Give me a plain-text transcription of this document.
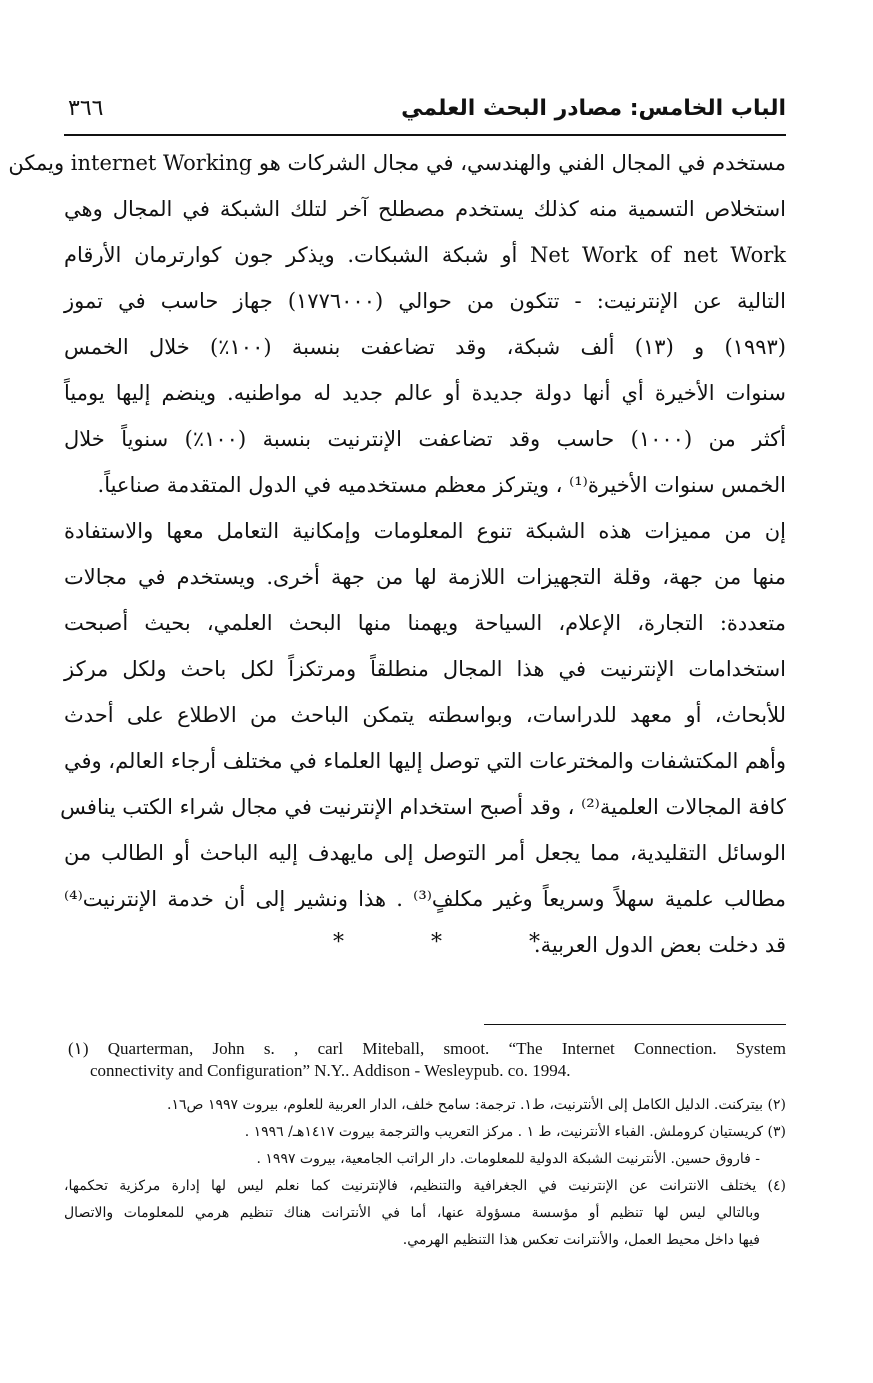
الباب الخامس: مصادر البحث العلمي
٣٦٦
مستخدم في المجال الفني والهندسي، في مجال الشركات هو internet Working ويمكن
استخلاص التسمية منه كذلك يستخدم مصطلح آخر لتلك الشبكة في المجال وهي
Net Work of net Work أو شبكة الشبكات. ويذكر جون كوارترمان الأرقام
التالية عن الإنترنيت: - تتكون من حوالي (١٧٧٦٠٠٠) جهاز حاسب في تموز
(١٩٩٣) و (١٣) ألف شبكة، وقد تضاعفت بنسبة (١٠٠٪) خلال الخمس
سنوات الأخيرة أي أنها دولة جديدة أو عالم جديد له مواطنيه. وينضم إليها يومياً
أكثر من (١٠٠٠) حاسب وقد تضاعفت الإنترنيت بنسبة (١٠٠٪) سنوياً خلال
الخمس سنوات الأخيرة⁽¹⁾ ، ويتركز معظم مستخدميه في الدول المتقدمة صناعياً.
إن من مميزات هذه الشبكة تنوع المعلومات وإمكانية التعامل معها والاستفادة
منها من جهة، وقلة التجهيزات اللازمة لها من جهة أخرى. ويستخدم في مجالات
متعددة: التجارة، الإعلام، السياحة ويهمنا منها البحث العلمي، بحيث أصبحت
استخدامات الإنترنيت في هذا المجال منطلقاً ومرتكزاً لكل باحث ولكل مركز
للأبحاث، أو معهد للدراسات، وبواسطته يتمكن الباحث من الاطلاع على أحدث
وأهم المكتشفات والمخترعات التي توصل إليها العلماء في مختلف أرجاء العالم، وفي
كافة المجالات العلمية⁽²⁾ ، وقد أصبح استخدام الإنترنيت في مجال شراء الكتب ينافس
الوسائل التقليدية، مما يجعل أمر التوصل إلى مايهدف إليه الباحث أو الطالب من
مطالب علمية سهلاً وسريعاً وغير مكلفٍ⁽³⁾ . هذا ونشير إلى أن خدمة الإنترنيت⁽⁴⁾
قد دخلت بعض الدول العربية.
* * *
(١) Quarterman, John s. , carl Miteball, smoot. “The Internet Connection. System
connectivity and Configuration” N.Y.. Addison - Wesleypub. co. 1994.
(٢) بيتركنت. الدليل الكامل إلى الأنترنيت، ط١. ترجمة: سامح خلف، الدار العربية للعلوم، بيروت ١٩٩٧ ص١٦.
(٣) كريستيان كروملش. الفباء الأنترنيت، ط ١ . مركز التعريب والترجمة بيروت ١٤١٧هـ/ ١٩٩٦ .
- فاروق حسين. الأنترنيت الشبكة الدولية للمعلومات. دار الراتب الجامعية، بيروت ١٩٩٧ .
(٤) يختلف الانترانت عن الإنترنيت في الجغرافية والتنظيم، فالإنترنيت كما نعلم ليس لها إدارة مركزية تحكمها،
وبالتالي ليس لها تنظيم أو مؤسسة مسؤولة عنها، أما في الأنترانت هناك تنظيم هرمي للمعلومات والاتصال
فيها داخل محيط العمل، والأنترانت تعكس هذا التنظيم الهرمي.
